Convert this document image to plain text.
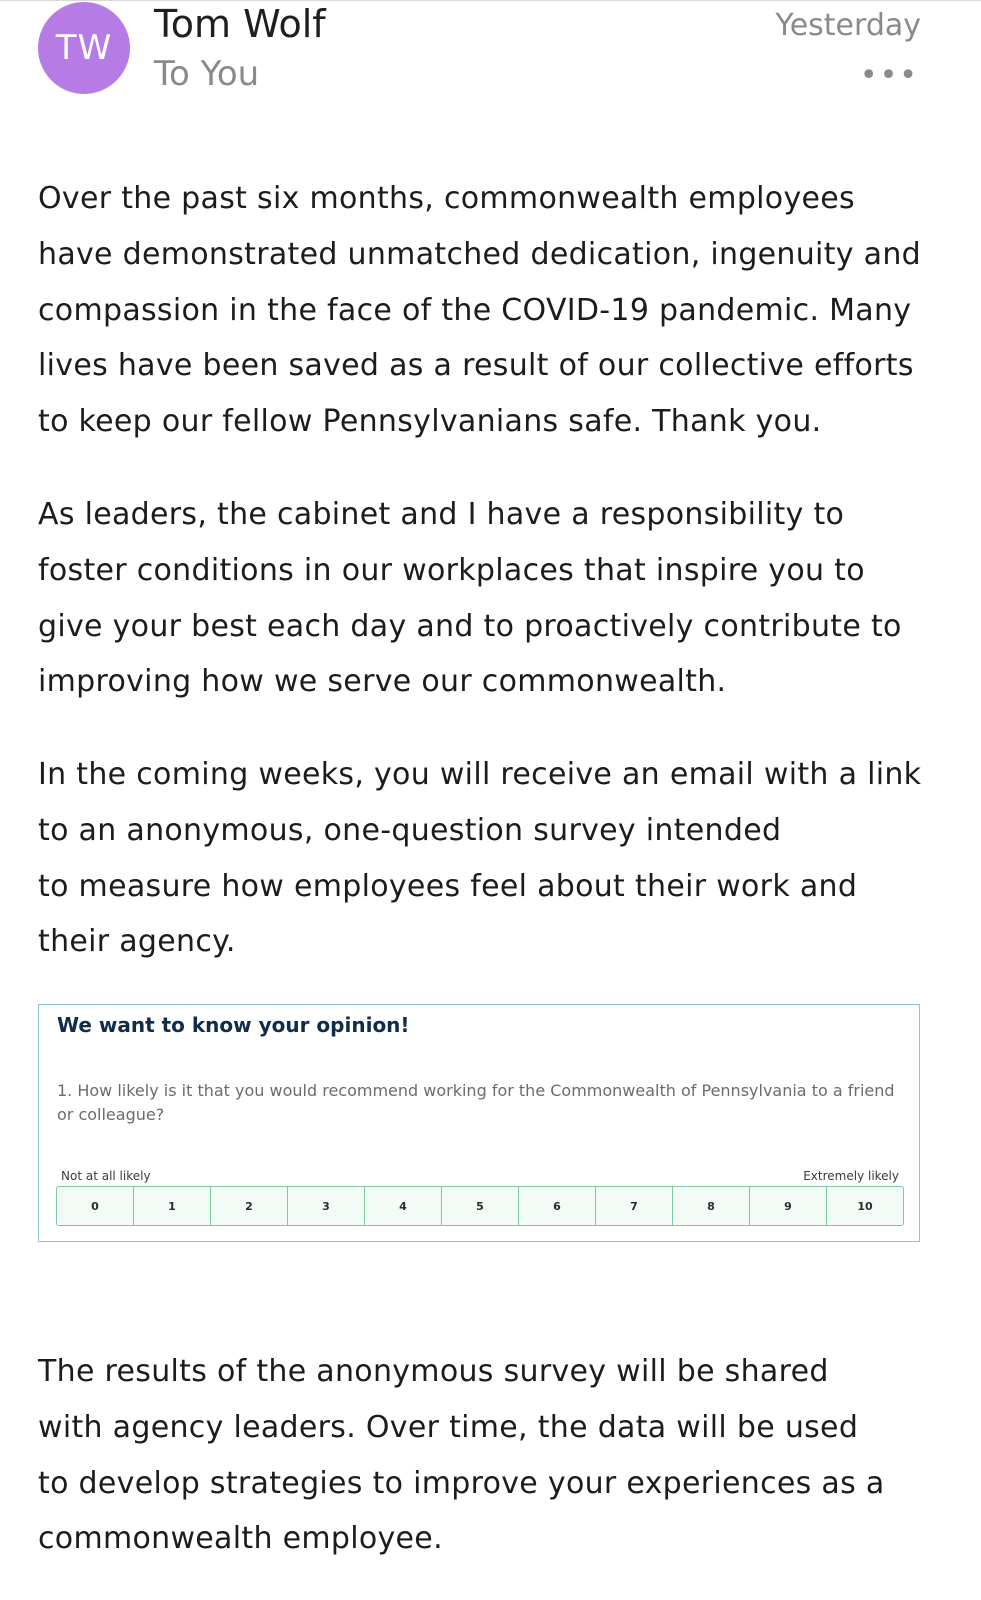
TW
Tom Wolf
To You
Yesterday
•••

Over the past six months, commonwealth employees
have demonstrated unmatched dedication, ingenuity and
compassion in the face of the COVID-19 pandemic. Many
lives have been saved as a result of our collective efforts
to keep our fellow Pennsylvanians safe. Thank you.

As leaders, the cabinet and I have a responsibility to
foster conditions in our workplaces that inspire you to
give your best each day and to proactively contribute to
improving how we serve our commonwealth.

In the coming weeks, you will receive an email with a link
to an anonymous, one-question survey intended
to measure how employees feel about their work and
their agency.

We want to know your opinion!
1. How likely is it that you would recommend working for the Commonwealth of Pennsylvania to a friend or colleague?
Not at all likely	Extremely likely
0	1	2	3	4	5	6	7	8	9	10

The results of the anonymous survey will be shared
with agency leaders. Over time, the data will be used
to develop strategies to improve your experiences as a
commonwealth employee.
